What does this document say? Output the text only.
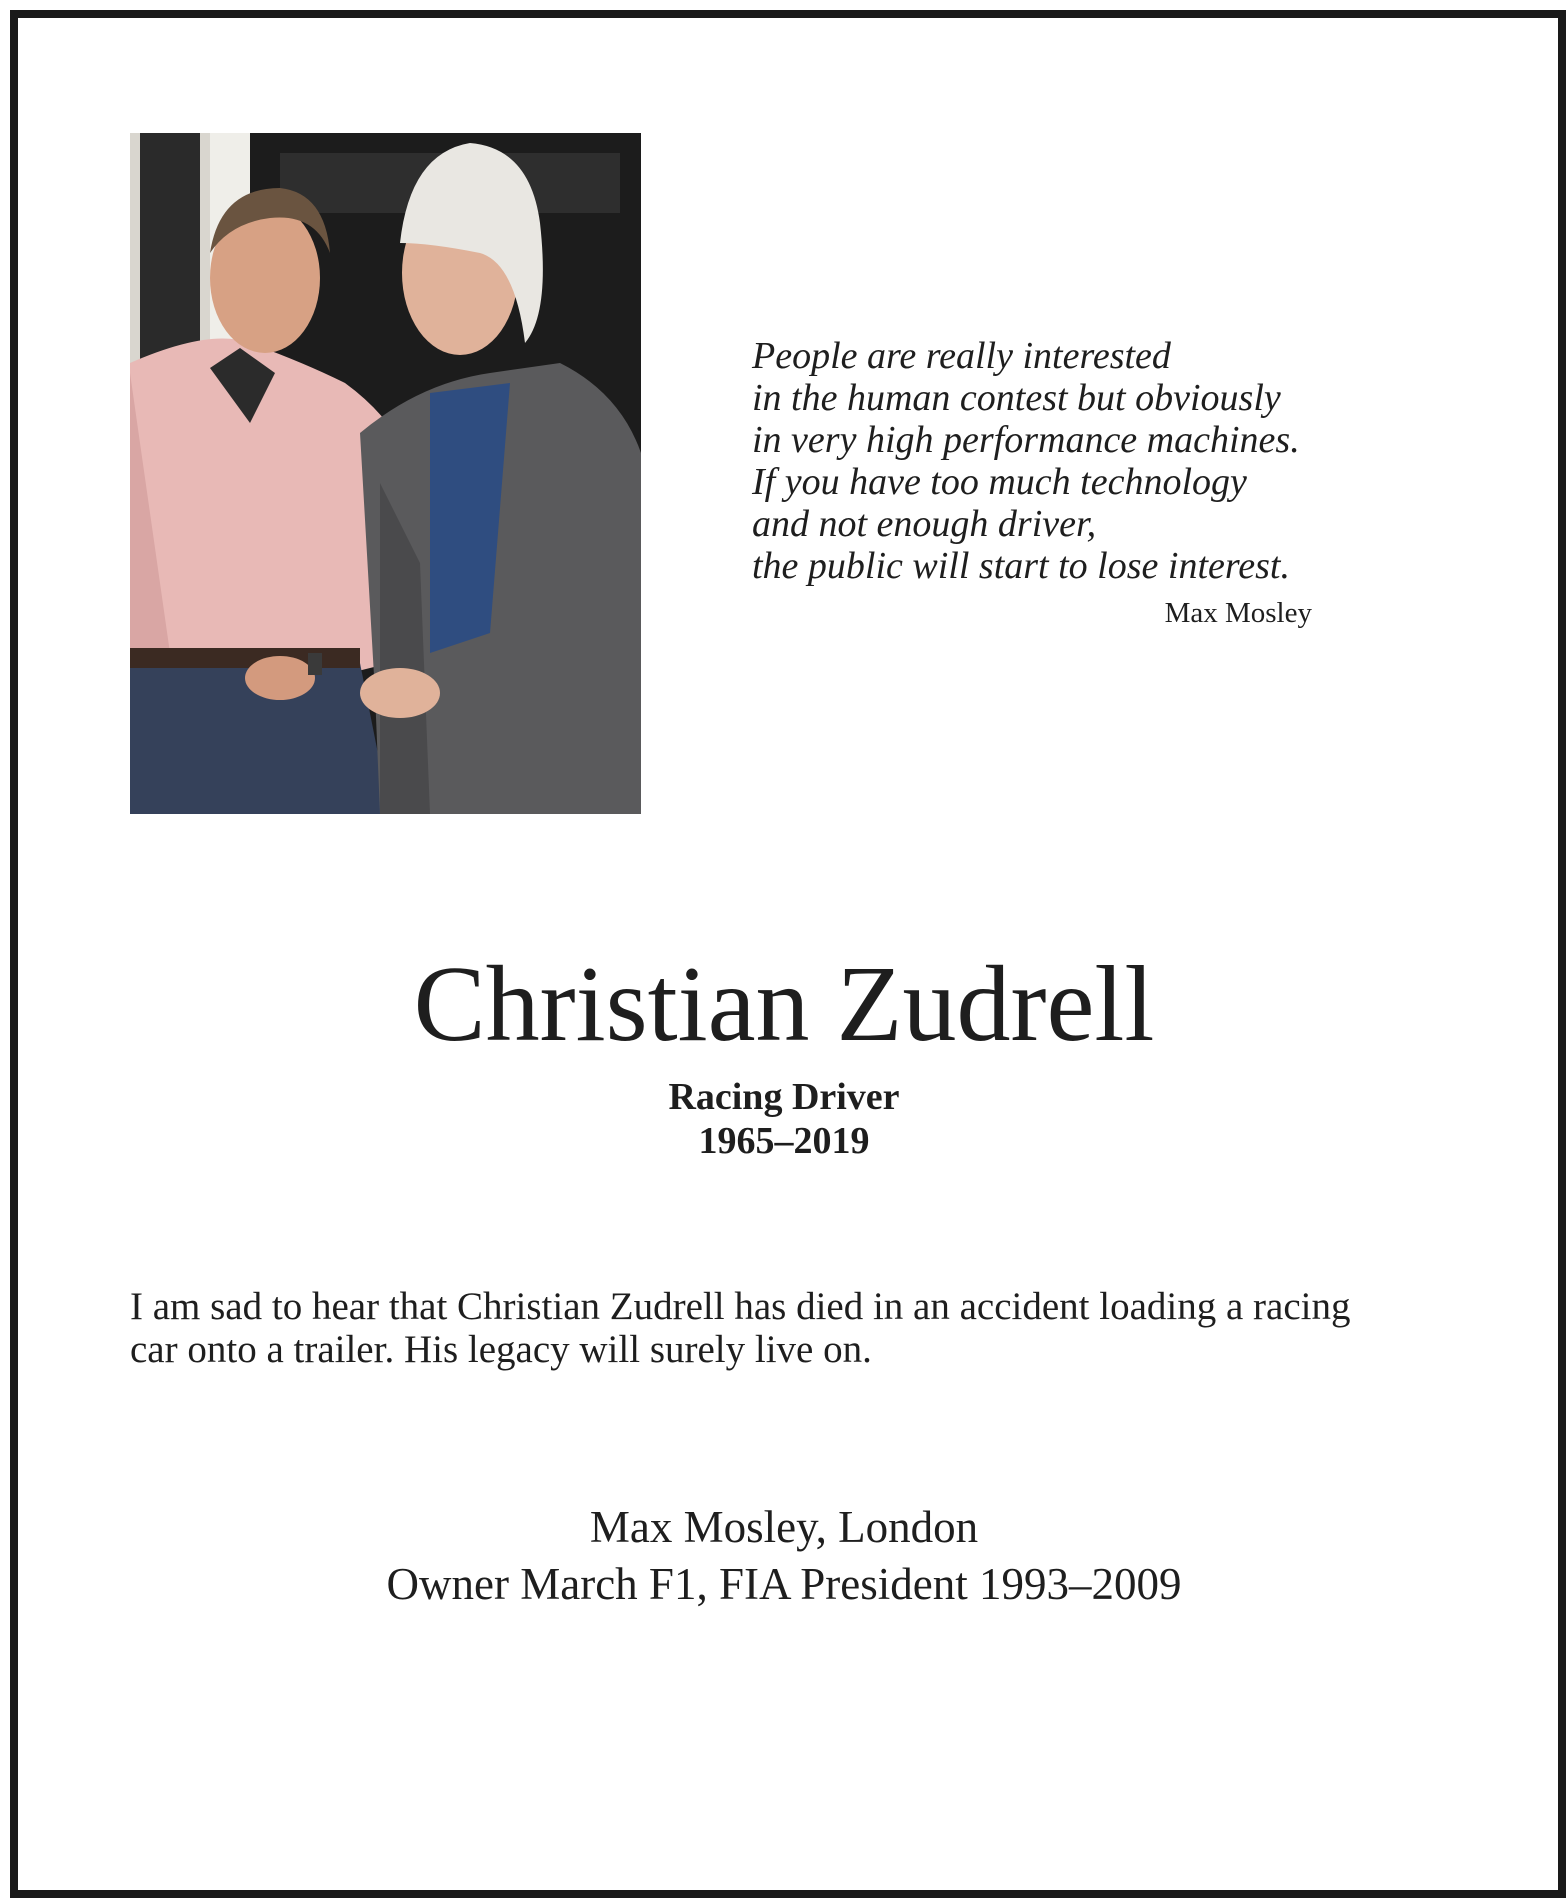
People are really interested
in the human contest but obviously
in very high performance machines.
If you have too much technology
and not enough driver,
the public will start to lose interest.
Max Mosley
Christian Zudrell
Racing Driver
1965–2019
I am sad to hear that Christian Zudrell has died in an accident loading a racing
car onto a trailer. His legacy will surely live on.
Max Mosley, London
Owner March F1, FIA President 1993–2009
